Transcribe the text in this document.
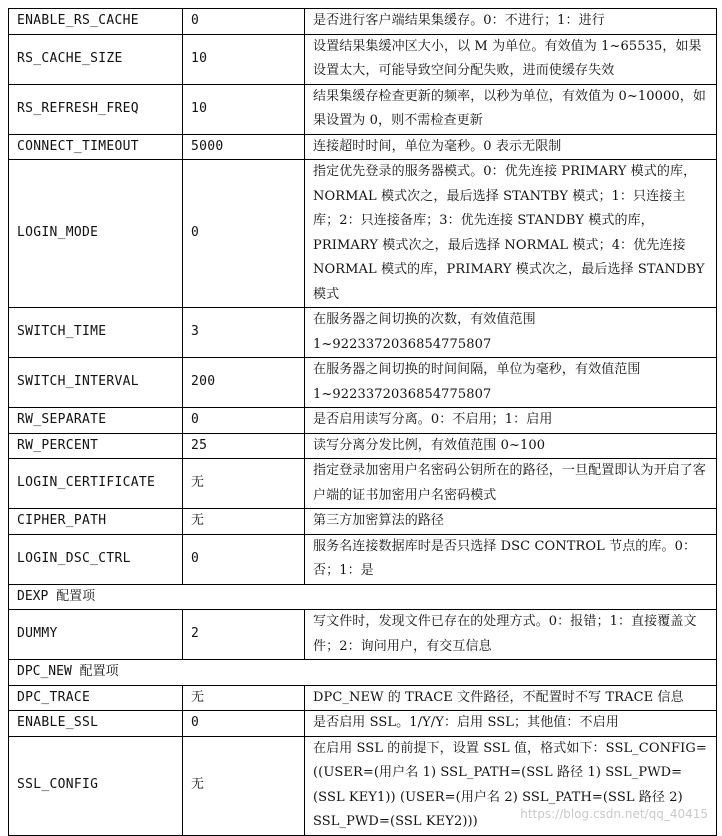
ENABLE_RS_CACHE	0	是否进行客户端结果集缓存。0：不进行；1：进行
RS_CACHE_SIZE	10	设置结果集缓冲区大小，以 M 为单位。有效值为 1~65535，如果设置太大，可能导致空间分配失败，进而使缓存失效
RS_REFRESH_FREQ	10	结果集缓存检查更新的频率，以秒为单位，有效值为 0~10000，如果设置为 0，则不需检查更新
CONNECT_TIMEOUT	5000	连接超时时间，单位为毫秒。0 表示无限制
LOGIN_MODE	0	指定优先登录的服务器模式。0：优先连接 PRIMARY 模式的库，NORMAL 模式次之，最后选择 STANTBY 模式；1：只连接主库；2：只连接备库；3：优先连接 STANDBY 模式的库，PRIMARY 模式次之，最后选择 NORMAL 模式；4：优先连接 NORMAL 模式的库，PRIMARY 模式次之，最后选择 STANDBY 模式
SWITCH_TIME	3	在服务器之间切换的次数，有效值范围 1~9223372036854775807
SWITCH_INTERVAL	200	在服务器之间切换的时间间隔，单位为毫秒，有效值范围 1~9223372036854775807
RW_SEPARATE	0	是否启用读写分离。0：不启用；1：启用
RW_PERCENT	25	读写分离分发比例，有效值范围 0~100
LOGIN_CERTIFICATE	无	指定登录加密用户名密码公钥所在的路径，一旦配置即认为开启了客户端的证书加密用户名密码模式
CIPHER_PATH	无	第三方加密算法的路径
LOGIN_DSC_CTRL	0	服务名连接数据库时是否只选择 DSC CONTROL 节点的库。0：否；1：是
DEXP 配置项		
DUMMY	2	写文件时，发现文件已存在的处理方式。0：报错；1：直接覆盖文件；2：询问用户，有交互信息
DPC_NEW 配置项		
DPC_TRACE	无	DPC_NEW 的 TRACE 文件路径，不配置时不写 TRACE 信息
ENABLE_SSL	0	是否启用 SSL。1/Y/Y：启用 SSL；其他值：不启用
SSL_CONFIG	无	在启用 SSL 的前提下，设置 SSL 值，格式如下：SSL_CONFIG=((USER=(用户名 1) SSL_PATH=(SSL 路径 1) SSL_PWD=(SSL KEY1)) (USER=(用户名 2) SSL_PATH=(SSL 路径 2) SSL_PWD=(SSL KEY2)))	https://blog.csdn.net/qq_40415
